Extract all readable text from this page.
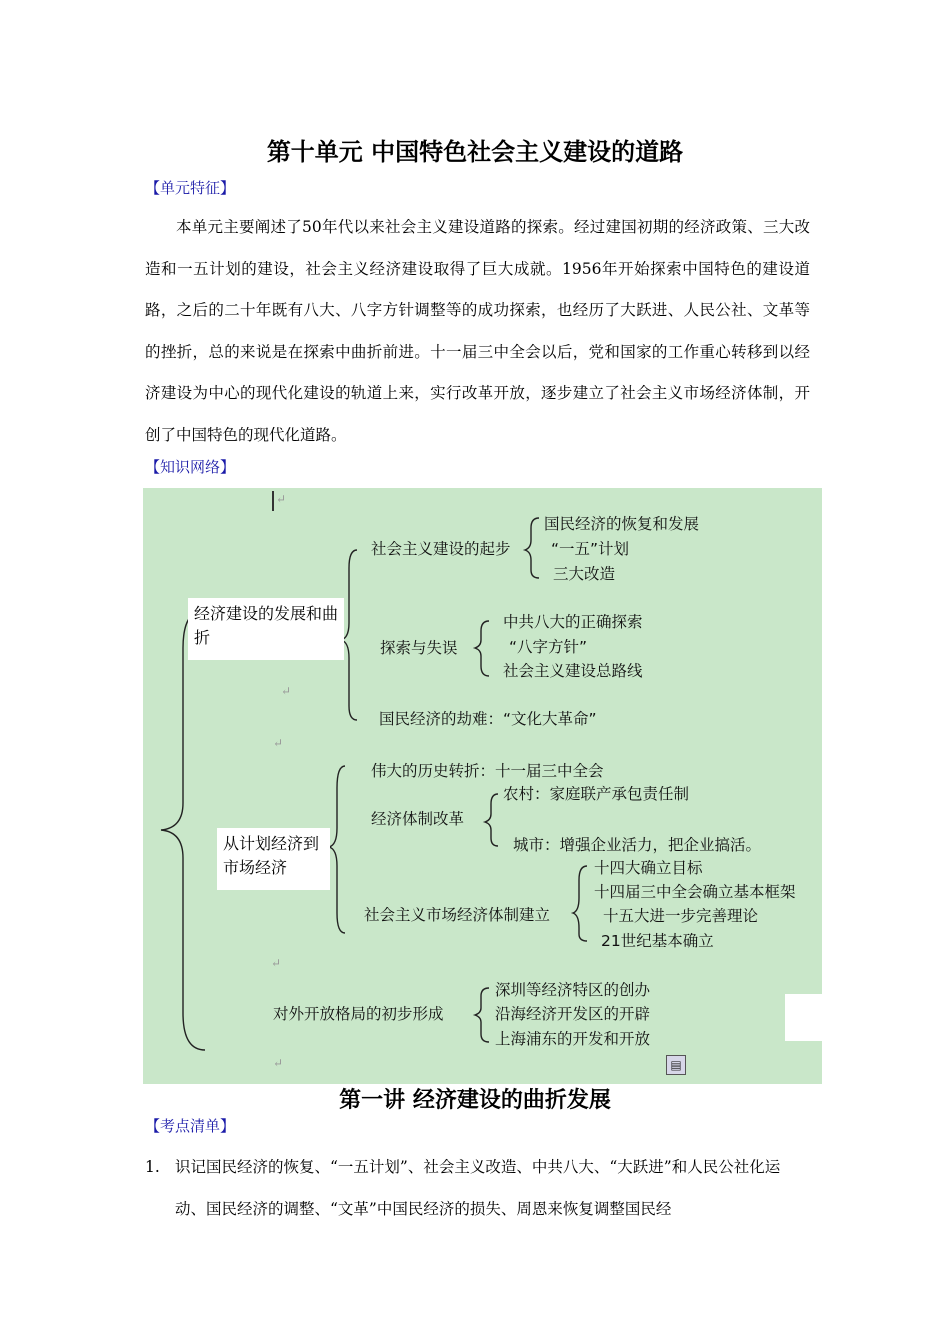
第十单元 中国特色社会主义建设的道路
【单元特征】

本单元主要阐述了50年代以来社会主义建设道路的探索。经过建国初期的经济政策、三大改造和一五计划的建设，社会主义经济建设取得了巨大成就。1956年开始探索中国特色的建设道路，之后的二十年既有八大、八字方针调整等的成功探索，也经历了大跃进、人民公社、文革等的挫折，总的来说是在探索中曲折前进。十一届三中全会以后，党和国家的工作重心转移到以经济建设为中心的现代化建设的轨道上来，实行改革开放，逐步建立了社会主义市场经济体制，开创了中国特色的现代化道路。

【知识网络】
↵
↵
↵
↵
↵
经济建设的发展和曲折
从计划经济到市场经济
社会主义建设的起步
国民经济的恢复和发展
“一五”计划
三大改造
探索与失误
中共八大的正确探索
“八字方针”
社会主义建设总路线
国民经济的劫难：“文化大革命”
伟大的历史转折：十一届三中全会
经济体制改革
农村：家庭联产承包责任制
城市：增强企业活力，把企业搞活。
社会主义市场经济体制建立
十四大确立目标
十四届三中全会确立基本框架
十五大进一步完善理论
21世纪基本确立
对外开放格局的初步形成
深圳等经济特区的创办
沿海经济开发区的开辟
上海浦东的开发和开放
▤
第一讲 经济建设的曲折发展
【考点清单】
1. 识记国民经济的恢复、“一五计划”、社会主义改造、中共八大、“大跃进”和人民公社化运动、国民经济的调整、“文革”中国民经济的损失、周恩来恢复调整国民经
